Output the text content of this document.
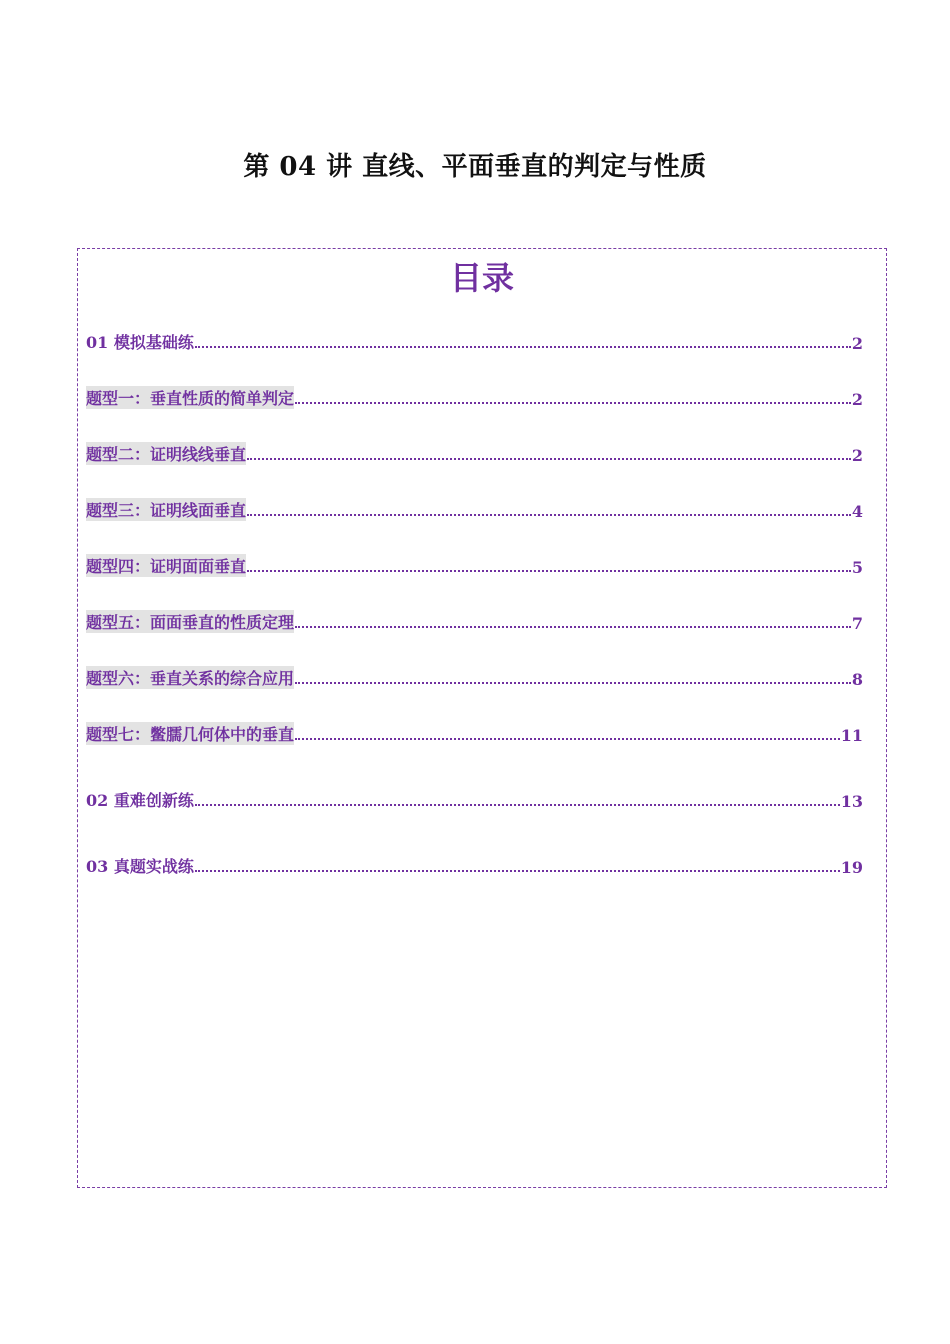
第 04 讲 直线、平面垂直的判定与性质
目录
01 模拟基础练	2
题型一：垂直性质的简单判定	2
题型二：证明线线垂直	2
题型三：证明线面垂直	4
题型四：证明面面垂直	5
题型五：面面垂直的性质定理	7
题型六：垂直关系的综合应用	8
题型七：鳖臑几何体中的垂直	11
02 重难创新练	13
03 真题实战练	19
